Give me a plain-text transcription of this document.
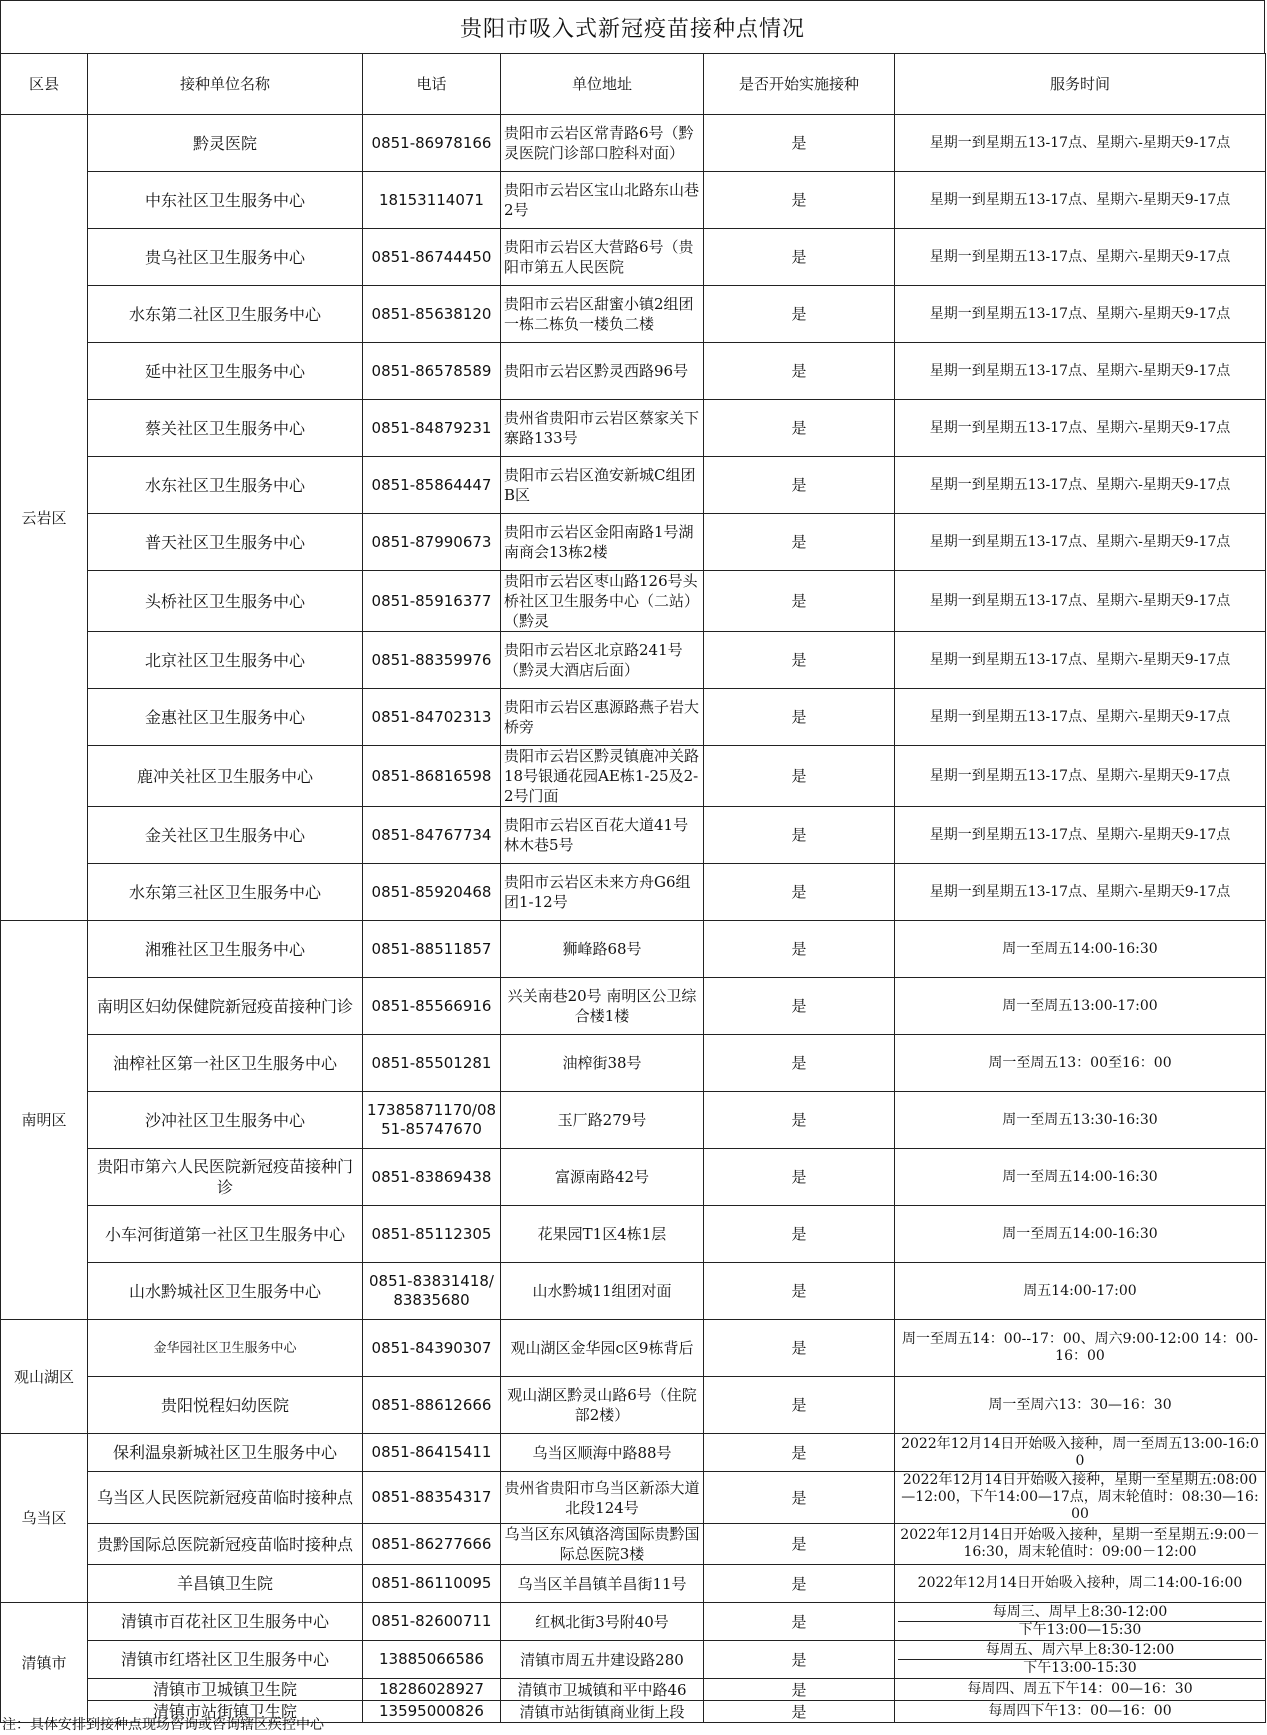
贵阳市吸入式新冠疫苗接种点情况
区县	接种单位名称	电话	单位地址	是否开始实施接种	服务时间
云岩区	黔灵医院	0851-86978166	贵阳市云岩区常青路6号（黔灵医院门诊部口腔科对面）	是	星期一到星期五13-17点、星期六-星期天9-17点
	中东社区卫生服务中心	18153114071	贵阳市云岩区宝山北路东山巷2号	是	星期一到星期五13-17点、星期六-星期天9-17点
	贵乌社区卫生服务中心	0851-86744450	贵阳市云岩区大营路6号（贵阳市第五人民医院	是	星期一到星期五13-17点、星期六-星期天9-17点
	水东第二社区卫生服务中心	0851-85638120	贵阳市云岩区甜蜜小镇2组团一栋二栋负一楼负二楼	是	星期一到星期五13-17点、星期六-星期天9-17点
	延中社区卫生服务中心	0851-86578589	贵阳市云岩区黔灵西路96号	是	星期一到星期五13-17点、星期六-星期天9-17点
	蔡关社区卫生服务中心	0851-84879231	贵州省贵阳市云岩区蔡家关下寨路133号	是	星期一到星期五13-17点、星期六-星期天9-17点
	水东社区卫生服务中心	0851-85864447	贵阳市云岩区渔安新城C组团B区	是	星期一到星期五13-17点、星期六-星期天9-17点
	普天社区卫生服务中心	0851-87990673	贵阳市云岩区金阳南路1号湖南商会13栋2楼	是	星期一到星期五13-17点、星期六-星期天9-17点
	头桥社区卫生服务中心	0851-85916377	贵阳市云岩区枣山路126号头桥社区卫生服务中心（二站）（黔灵	是	星期一到星期五13-17点、星期六-星期天9-17点
	北京社区卫生服务中心	0851-88359976	贵阳市云岩区北京路241号（黔灵大酒店后面）	是	星期一到星期五13-17点、星期六-星期天9-17点
	金惠社区卫生服务中心	0851-84702313	贵阳市云岩区惠源路燕子岩大桥旁	是	星期一到星期五13-17点、星期六-星期天9-17点
	鹿冲关社区卫生服务中心	0851-86816598	贵阳市云岩区黔灵镇鹿冲关路18号银通花园AE栋1-25及2-2号门面	是	星期一到星期五13-17点、星期六-星期天9-17点
	金关社区卫生服务中心	0851-84767734	贵阳市云岩区百花大道41号林木巷5号	是	星期一到星期五13-17点、星期六-星期天9-17点
	水东第三社区卫生服务中心	0851-85920468	贵阳市云岩区未来方舟G6组团1-12号	是	星期一到星期五13-17点、星期六-星期天9-17点
南明区	湘雅社区卫生服务中心	0851-88511857	狮峰路68号	是	周一至周五14:00-16:30
	南明区妇幼保健院新冠疫苗接种门诊	0851-85566916	兴关南巷20号 南明区公卫综合楼1楼	是	周一至周五13:00-17:00
	油榨社区第一社区卫生服务中心	0851-85501281	油榨街38号	是	周一至周五13：00至16：00
	沙冲社区卫生服务中心	17385871170/0851-85747670	玉厂路279号	是	周一至周五13:30-16:30
	贵阳市第六人民医院新冠疫苗接种门诊	0851-83869438	富源南路42号	是	周一至周五14:00-16:30
	小车河街道第一社区卫生服务中心	0851-85112305	花果园T1区4栋1层	是	周一至周五14:00-16:30
	山水黔城社区卫生服务中心	0851-83831418/83835680	山水黔城11组团对面	是	周五14:00-17:00
观山湖区	金华园社区卫生服务中心	0851-84390307	观山湖区金华园c区9栋背后	是	周一至周五14：00--17：00、周六9:00-12:00 14：00-16：00
	贵阳悦程妇幼医院	0851-88612666	观山湖区黔灵山路6号（住院部2楼）	是	周一至周六13：30—16：30
乌当区	保利温泉新城社区卫生服务中心	0851-86415411	乌当区顺海中路88号	是	2022年12月14日开始吸入接种，周一至周五13:00-16:00
	乌当区人民医院新冠疫苗临时接种点	0851-88354317	贵州省贵阳市乌当区新添大道北段124号	是	2022年12月14日开始吸入接种，星期一至星期五:08:00—12:00，下午14:00—17点，周末轮值时：08:30—16:00
	贵黔国际总医院新冠疫苗临时接种点	0851-86277666	乌当区东风镇洛湾国际贵黔国际总医院3楼	是	2022年12月14日开始吸入接种，星期一至星期五:9:00－16:30，周末轮值时：09:00－12:00
	羊昌镇卫生院	0851-86110095	乌当区羊昌镇羊昌街11号	是	2022年12月14日开始吸入接种，周二14:00-16:00
清镇市	清镇市百花社区卫生服务中心	0851-82600711	红枫北街3号附40号	是	每周三、周早上8:30-12:00
下午13:00—15:30

	清镇市红塔社区卫生服务中心	13885066586	清镇市周五井建设路280	是	每周五、周六早上8:30-12:00
下午13:00-15:30

	清镇市卫城镇卫生院	18286028927	清镇市卫城镇和平中路46	是	每周四、周五下午14：00—16：30
	清镇市站街镇卫生院	13595000826	清镇市站街镇商业街上段	是	每周四下午13：00—16：00
注：具体安排到接种点现场咨询或咨询辖区疾控中心
